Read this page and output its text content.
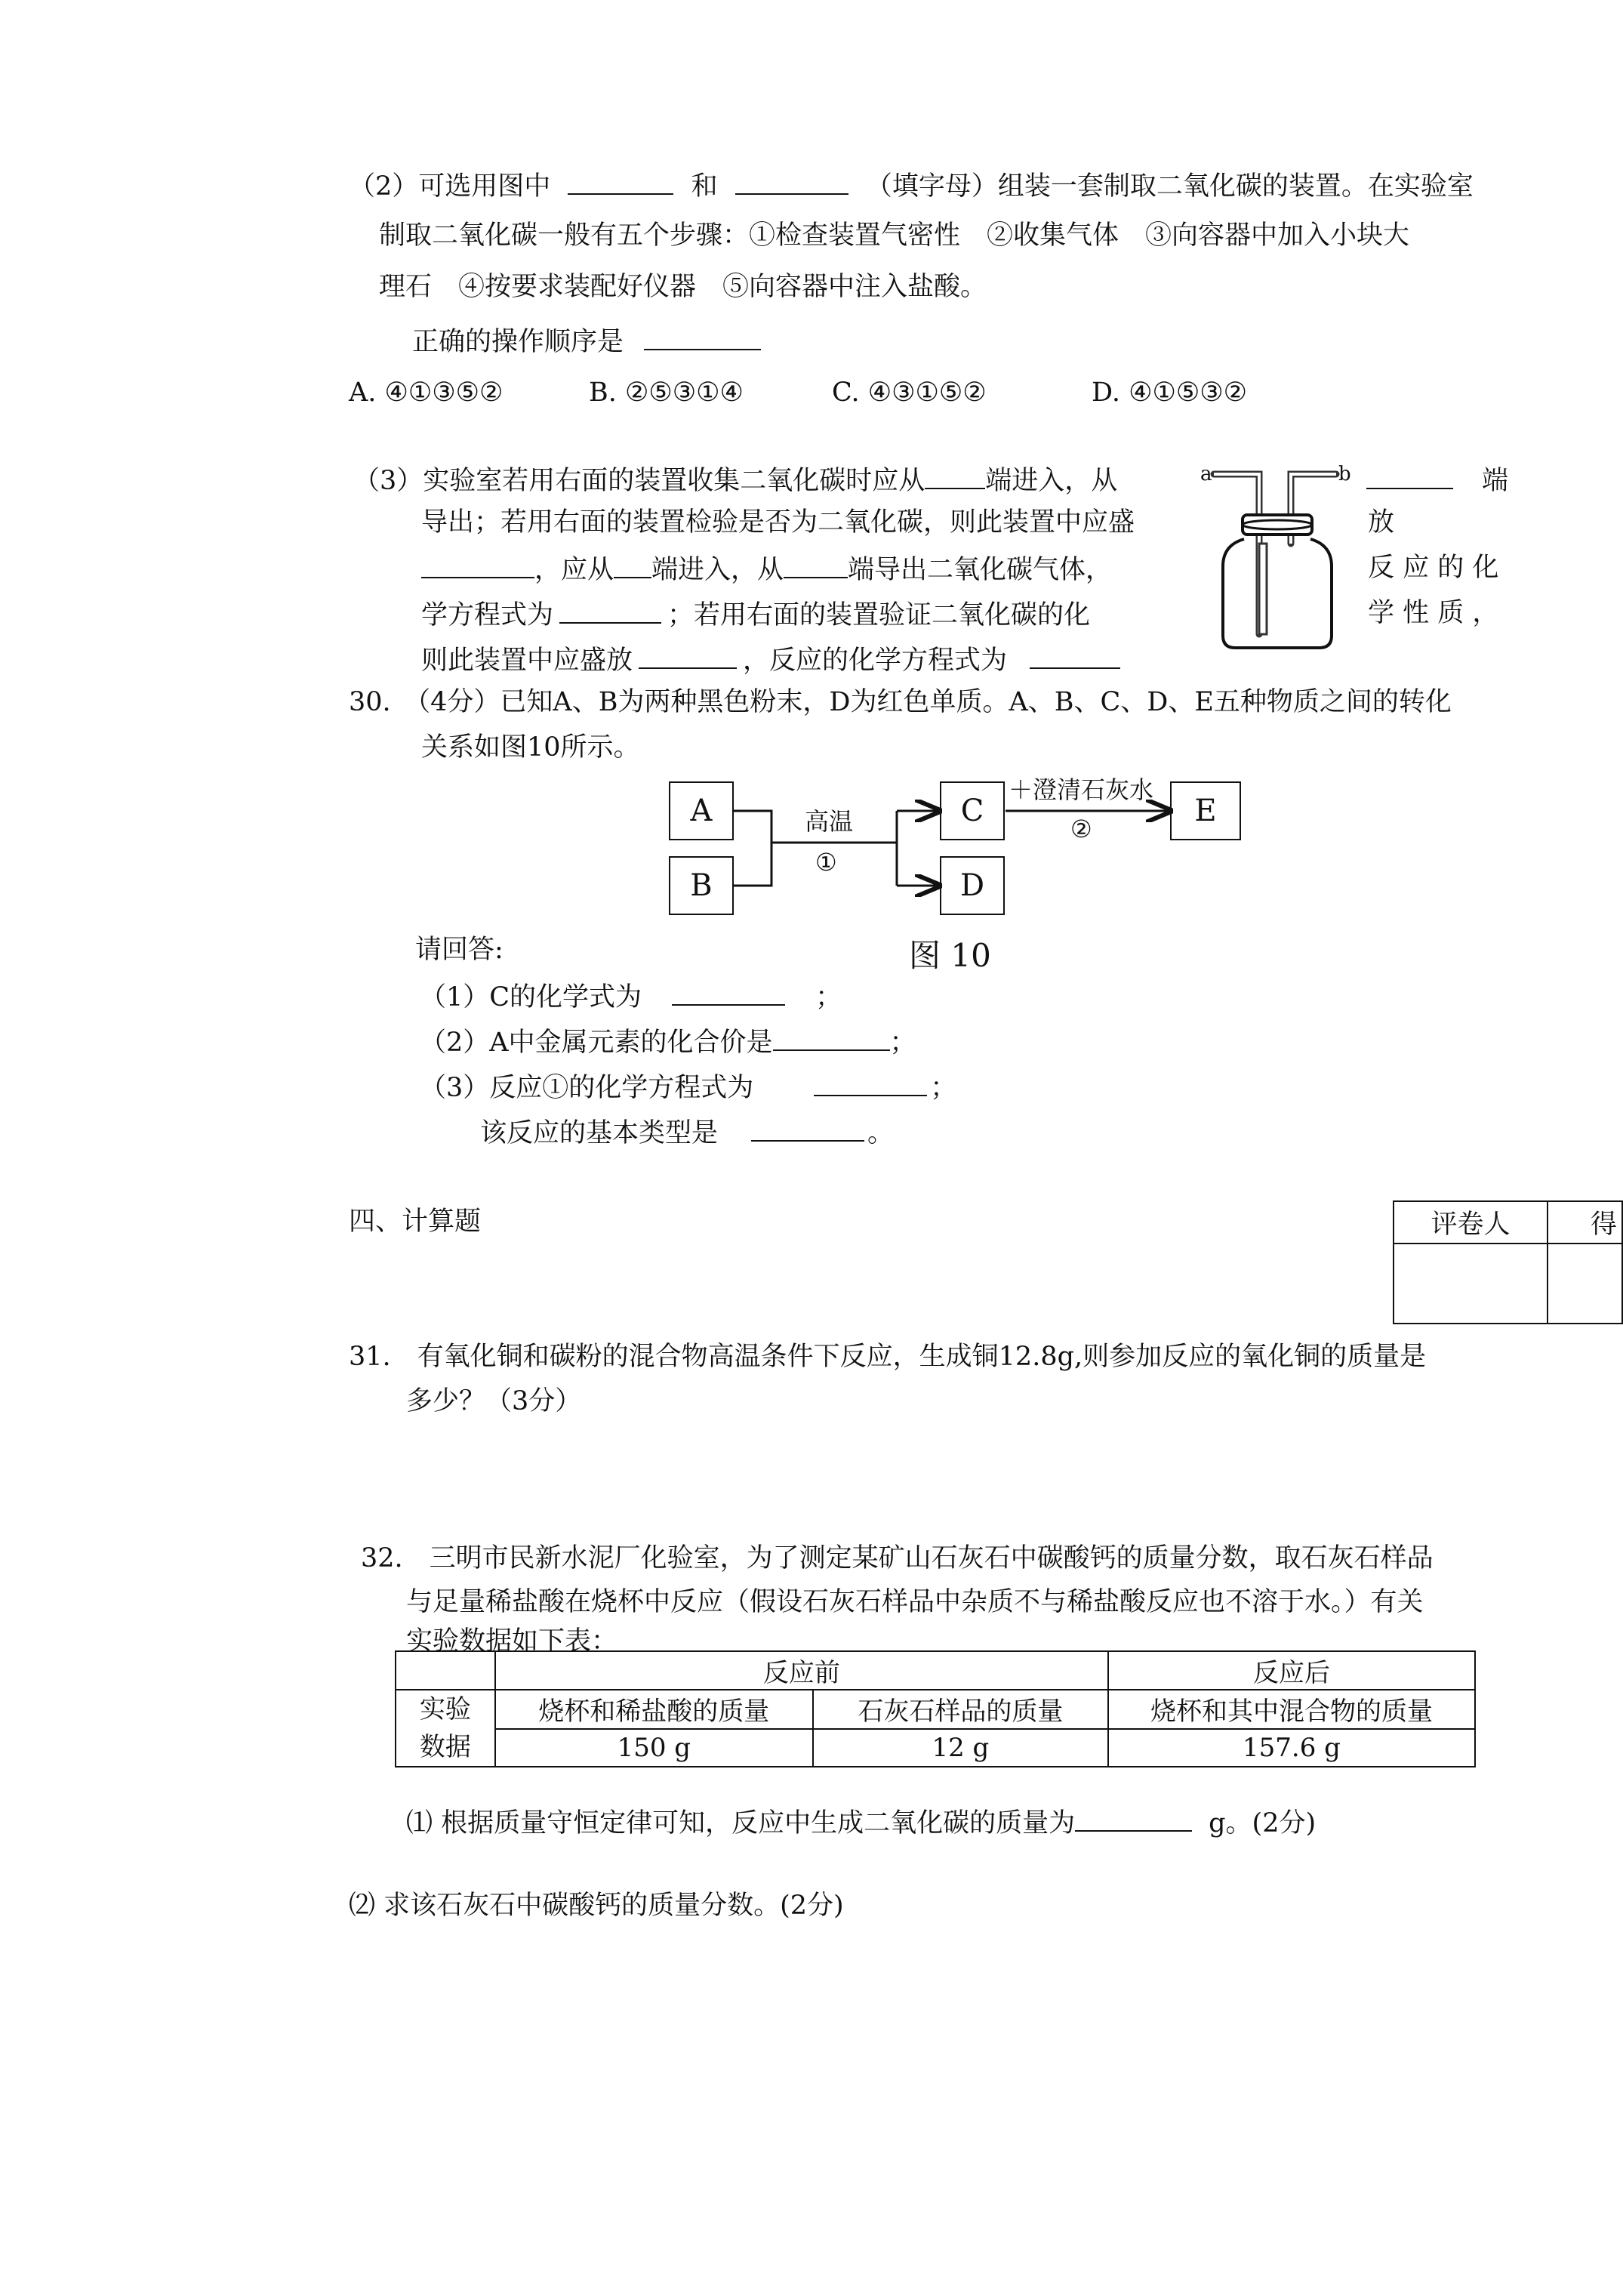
（2）可选用图中	和	（填字母）组装一套制取二氧化碳的装置。在实验室
制取二氧化碳一般有五个步骤：①检查装置气密性　②收集气体　③向容器中加入小块大
理石　④按要求装配好仪器　⑤向容器中注入盐酸。
正确的操作顺序是
A. ④①③⑤②	B. ②⑤③①④	C. ④③①⑤②	D. ④①⑤③②
（3）实验室若用右面的装置收集二氧化碳时应从 端进入，从	端
导出；若用右面的装置检验是否为二氧化碳，则此装置中应盛	放
，应从 端进入，从 端导出二氧化碳气体，	反 应 的 化
学方程式为	；若用右面的装置验证二氧化碳的化	学 性 质 ，
则此装置中应盛放	，反应的化学方程式为
a	b
30.　（4分）已知A、B为两种黑色粉末，D为红色单质。A、B、C、D、E五种物质之间的转化
关系如图10所示。
A
B
C
D
E
高温
①
＋澄清石灰水
②
请回答:	图 10
（1）C的化学式为	；
（2）A中金属元素的化合价是	；
（3）反应①的化学方程式为	；
该反应的基本类型是	。
四、计算题	评卷人	得

31.　有氧化铜和碳粉的混合物高温条件下反应，生成铜12.8g,则参加反应的氧化铜的质量是
多少？（3分）
32.　三明市民新水泥厂化验室，为了测定某矿山石灰石中碳酸钙的质量分数，取石灰石样品
与足量稀盐酸在烧杯中反应（假设石灰石样品中杂质不与稀盐酸反应也不溶于水。）有关
实验数据如下表：
	反应前		反应后
实验
数据	烧杯和稀盐酸的质量	石灰石样品的质量	烧杯和其中混合物的质量
	150 g	12 g	157.6 g
⑴ 根据质量守恒定律可知，反应中生成二氧化碳的质量为	g。(2分)
⑵ 求该石灰石中碳酸钙的质量分数。(2分)
